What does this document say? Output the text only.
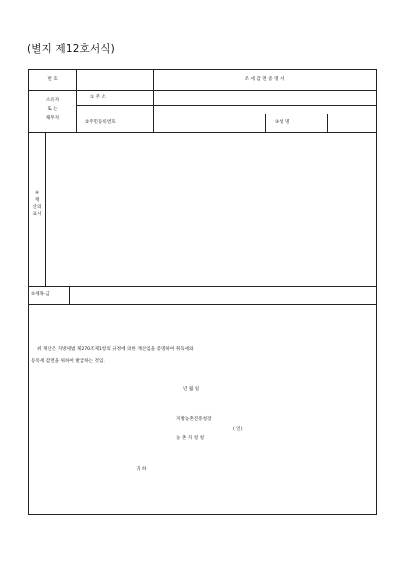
(별지 제12호서식)
번 호	조 세 감 면 증 명 서
소유자
또 는
채무자
① 주 소
②주민등록번호	③성 명
④
재
산의
표시
⑤세목·금
위 재산은 지방세법 제270조제1항의 규정에 의한 재산임을 증명하여 취득세와
등록세 감면을 위하여 발급하는 것임.
년 월 일
지방농촌진흥청장
( 인)
농 촌 지 청 청
귀 하
